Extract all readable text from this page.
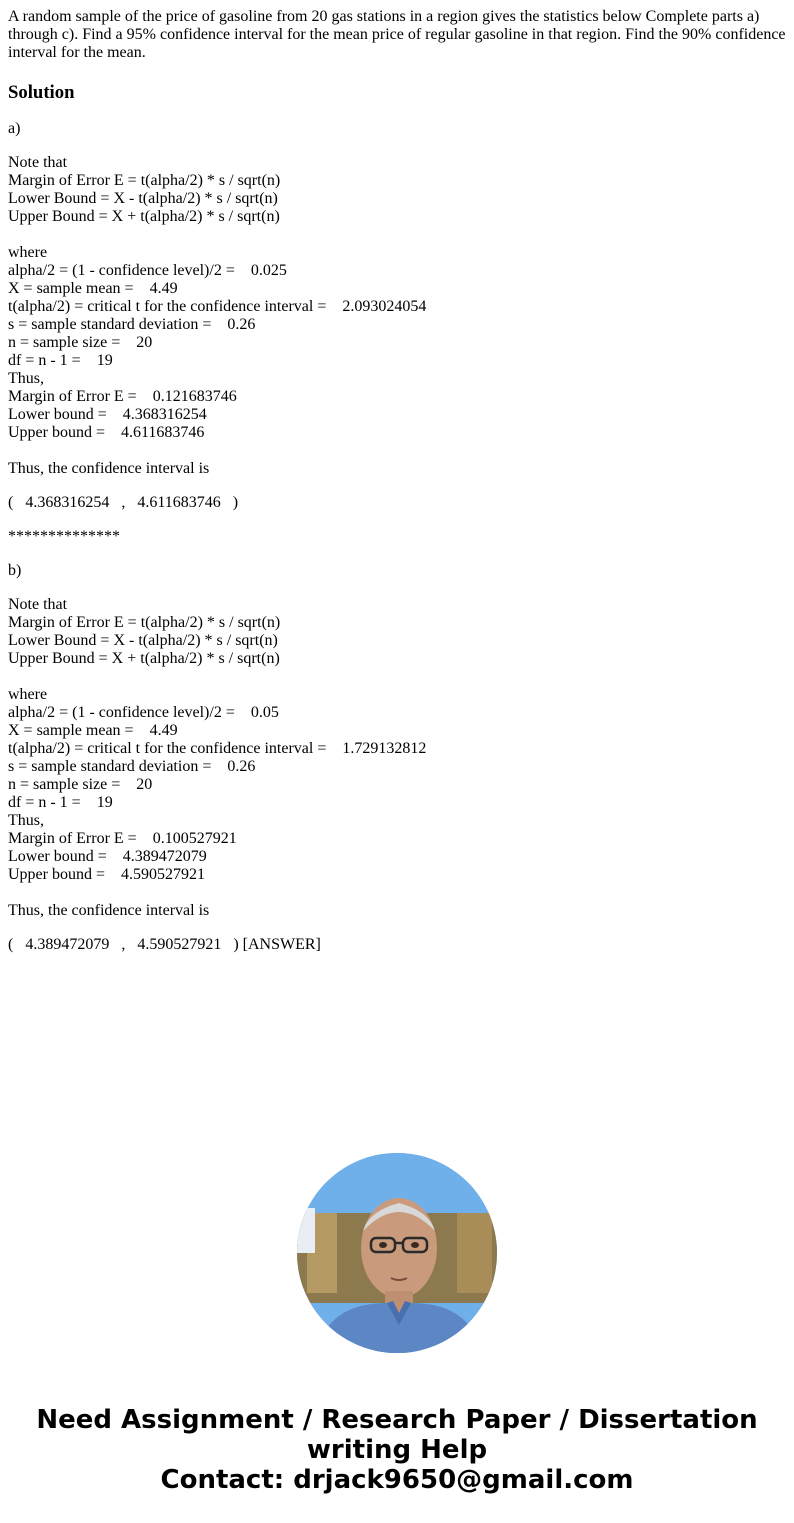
A random sample of the price of gasoline from 20 gas stations in a region gives the statistics below Complete parts a) through c). Find a 95% confidence interval for the mean price of regular gasoline in that region. Find the 90% confidence interval for the mean.

Solution

a)

Note that
Margin of Error E = t(alpha/2) * s / sqrt(n)
Lower Bound = X - t(alpha/2) * s / sqrt(n)
Upper Bound = X + t(alpha/2) * s / sqrt(n)
where
alpha/2 = (1 - confidence level)/2 =    0.025
X = sample mean =    4.49
t(alpha/2) = critical t for the confidence interval =    2.093024054
s = sample standard deviation =    0.26
n = sample size =    20
df = n - 1 =    19
Thus,
Margin of Error E =    0.121683746
Lower bound =    4.368316254
Upper bound =    4.611683746
Thus, the confidence interval is

(   4.368316254   ,   4.611683746   )

**************

b)

Note that
Margin of Error E = t(alpha/2) * s / sqrt(n)
Lower Bound = X - t(alpha/2) * s / sqrt(n)
Upper Bound = X + t(alpha/2) * s / sqrt(n)
where
alpha/2 = (1 - confidence level)/2 =    0.05
X = sample mean =    4.49
t(alpha/2) = critical t for the confidence interval =    1.729132812
s = sample standard deviation =    0.26
n = sample size =    20
df = n - 1 =    19
Thus,
Margin of Error E =    0.100527921
Lower bound =    4.389472079
Upper bound =    4.590527921
Thus, the confidence interval is

(   4.389472079   ,   4.590527921   ) [ANSWER]

Need Assignment / Research Paper / Dissertation
writing Help
Contact: drjack9650@gmail.com
